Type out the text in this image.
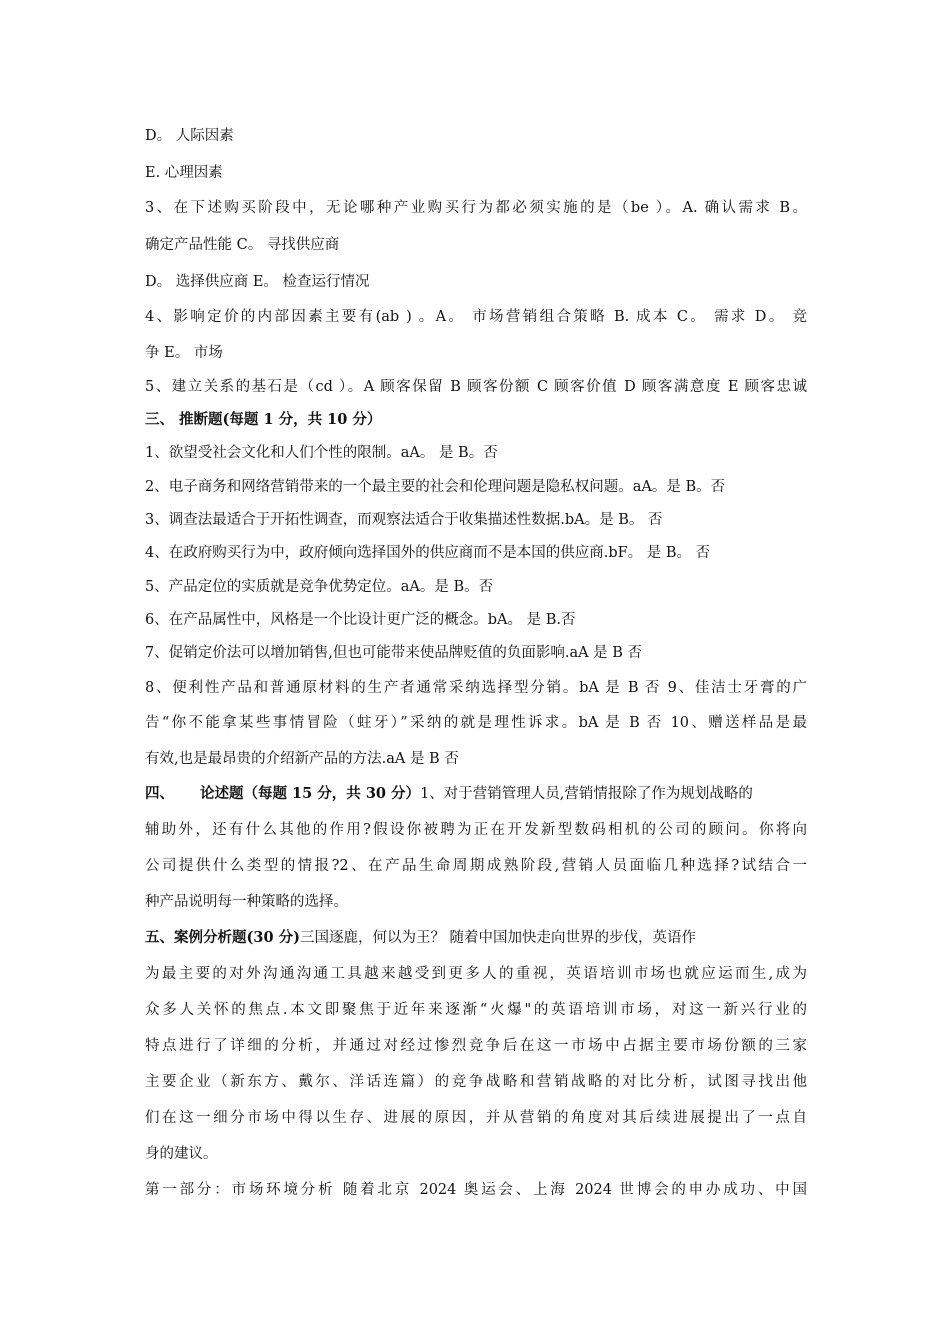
D。 人际因素
E. 心理因素
3、在下述购买阶段中，无论哪种产业购买行为都必须实施的是（be ）。A. 确认需求 B。
确定产品性能 C。 寻找供应商
D。 选择供应商 E。 检查运行情况
4、影响定价的内部因素主要有(ab ) 。A。 市场营销组合策略 B. 成本 C。 需求 D。 竞
争 E。 市场
5、建立关系的基石是（cd ）。A 顾客保留 B 顾客份额 C 顾客价值 D 顾客满意度 E 顾客忠诚
三、 推断题(每题 1 分，共 10 分）
1、欲望受社会文化和人们个性的限制。aA。 是 B。否
2、电子商务和网络营销带来的一个最主要的社会和伦理问题是隐私权问题。aA。是 B。否
3、调查法最适合于开拓性调查，而观察法适合于收集描述性数据.bA。是 B。 否
4、在政府购买行为中，政府倾向选择国外的供应商而不是本国的供应商.bF。 是 B。 否
5、产品定位的实质就是竞争优势定位。aA。是 B。否
6、在产品属性中，风格是一个比设计更广泛的概念。bA。 是 B.否
7、促销定价法可以增加销售,但也可能带来使品牌贬值的负面影响.aA 是 B 否
8、便利性产品和普通原材料的生产者通常采纳选择型分销。bA 是 B 否 9、佳洁士牙膏的广
告“你不能拿某些事情冒险（蛀牙）”采纳的就是理性诉求。bA 是 B 否 10、赠送样品是最
有效,也是最昂贵的介绍新产品的方法.aA 是 B 否
四、 论述题（每题 15 分，共 30 分）1、对于营销管理人员,营销情报除了作为规划战略的
辅助外，还有什么其他的作用?假设你被聘为正在开发新型数码相机的公司的顾问。你将向
公司提供什么类型的情报?2、在产品生命周期成熟阶段,营销人员面临几种选择?试结合一
种产品说明每一种策略的选择。
五、案例分析题(30 分)三国逐鹿，何以为王？ 随着中国加快走向世界的步伐，英语作
为最主要的对外沟通沟通工具越来越受到更多人的重视，英语培训市场也就应运而生,成为
众多人关怀的焦点.本文即聚焦于近年来逐渐“火爆"的英语培训市场，对这一新兴行业的
特点进行了详细的分析，并通过对经过惨烈竞争后在这一市场中占据主要市场份额的三家
主要企业（新东方、戴尔、洋话连篇）的竞争战略和营销战略的对比分析，试图寻找出他
们在这一细分市场中得以生存、进展的原因，并从营销的角度对其后续进展提出了一点自
身的建议。
第一部分：市场环境分析 随着北京 2024 奥运会、上海 2024 世博会的申办成功、中国
